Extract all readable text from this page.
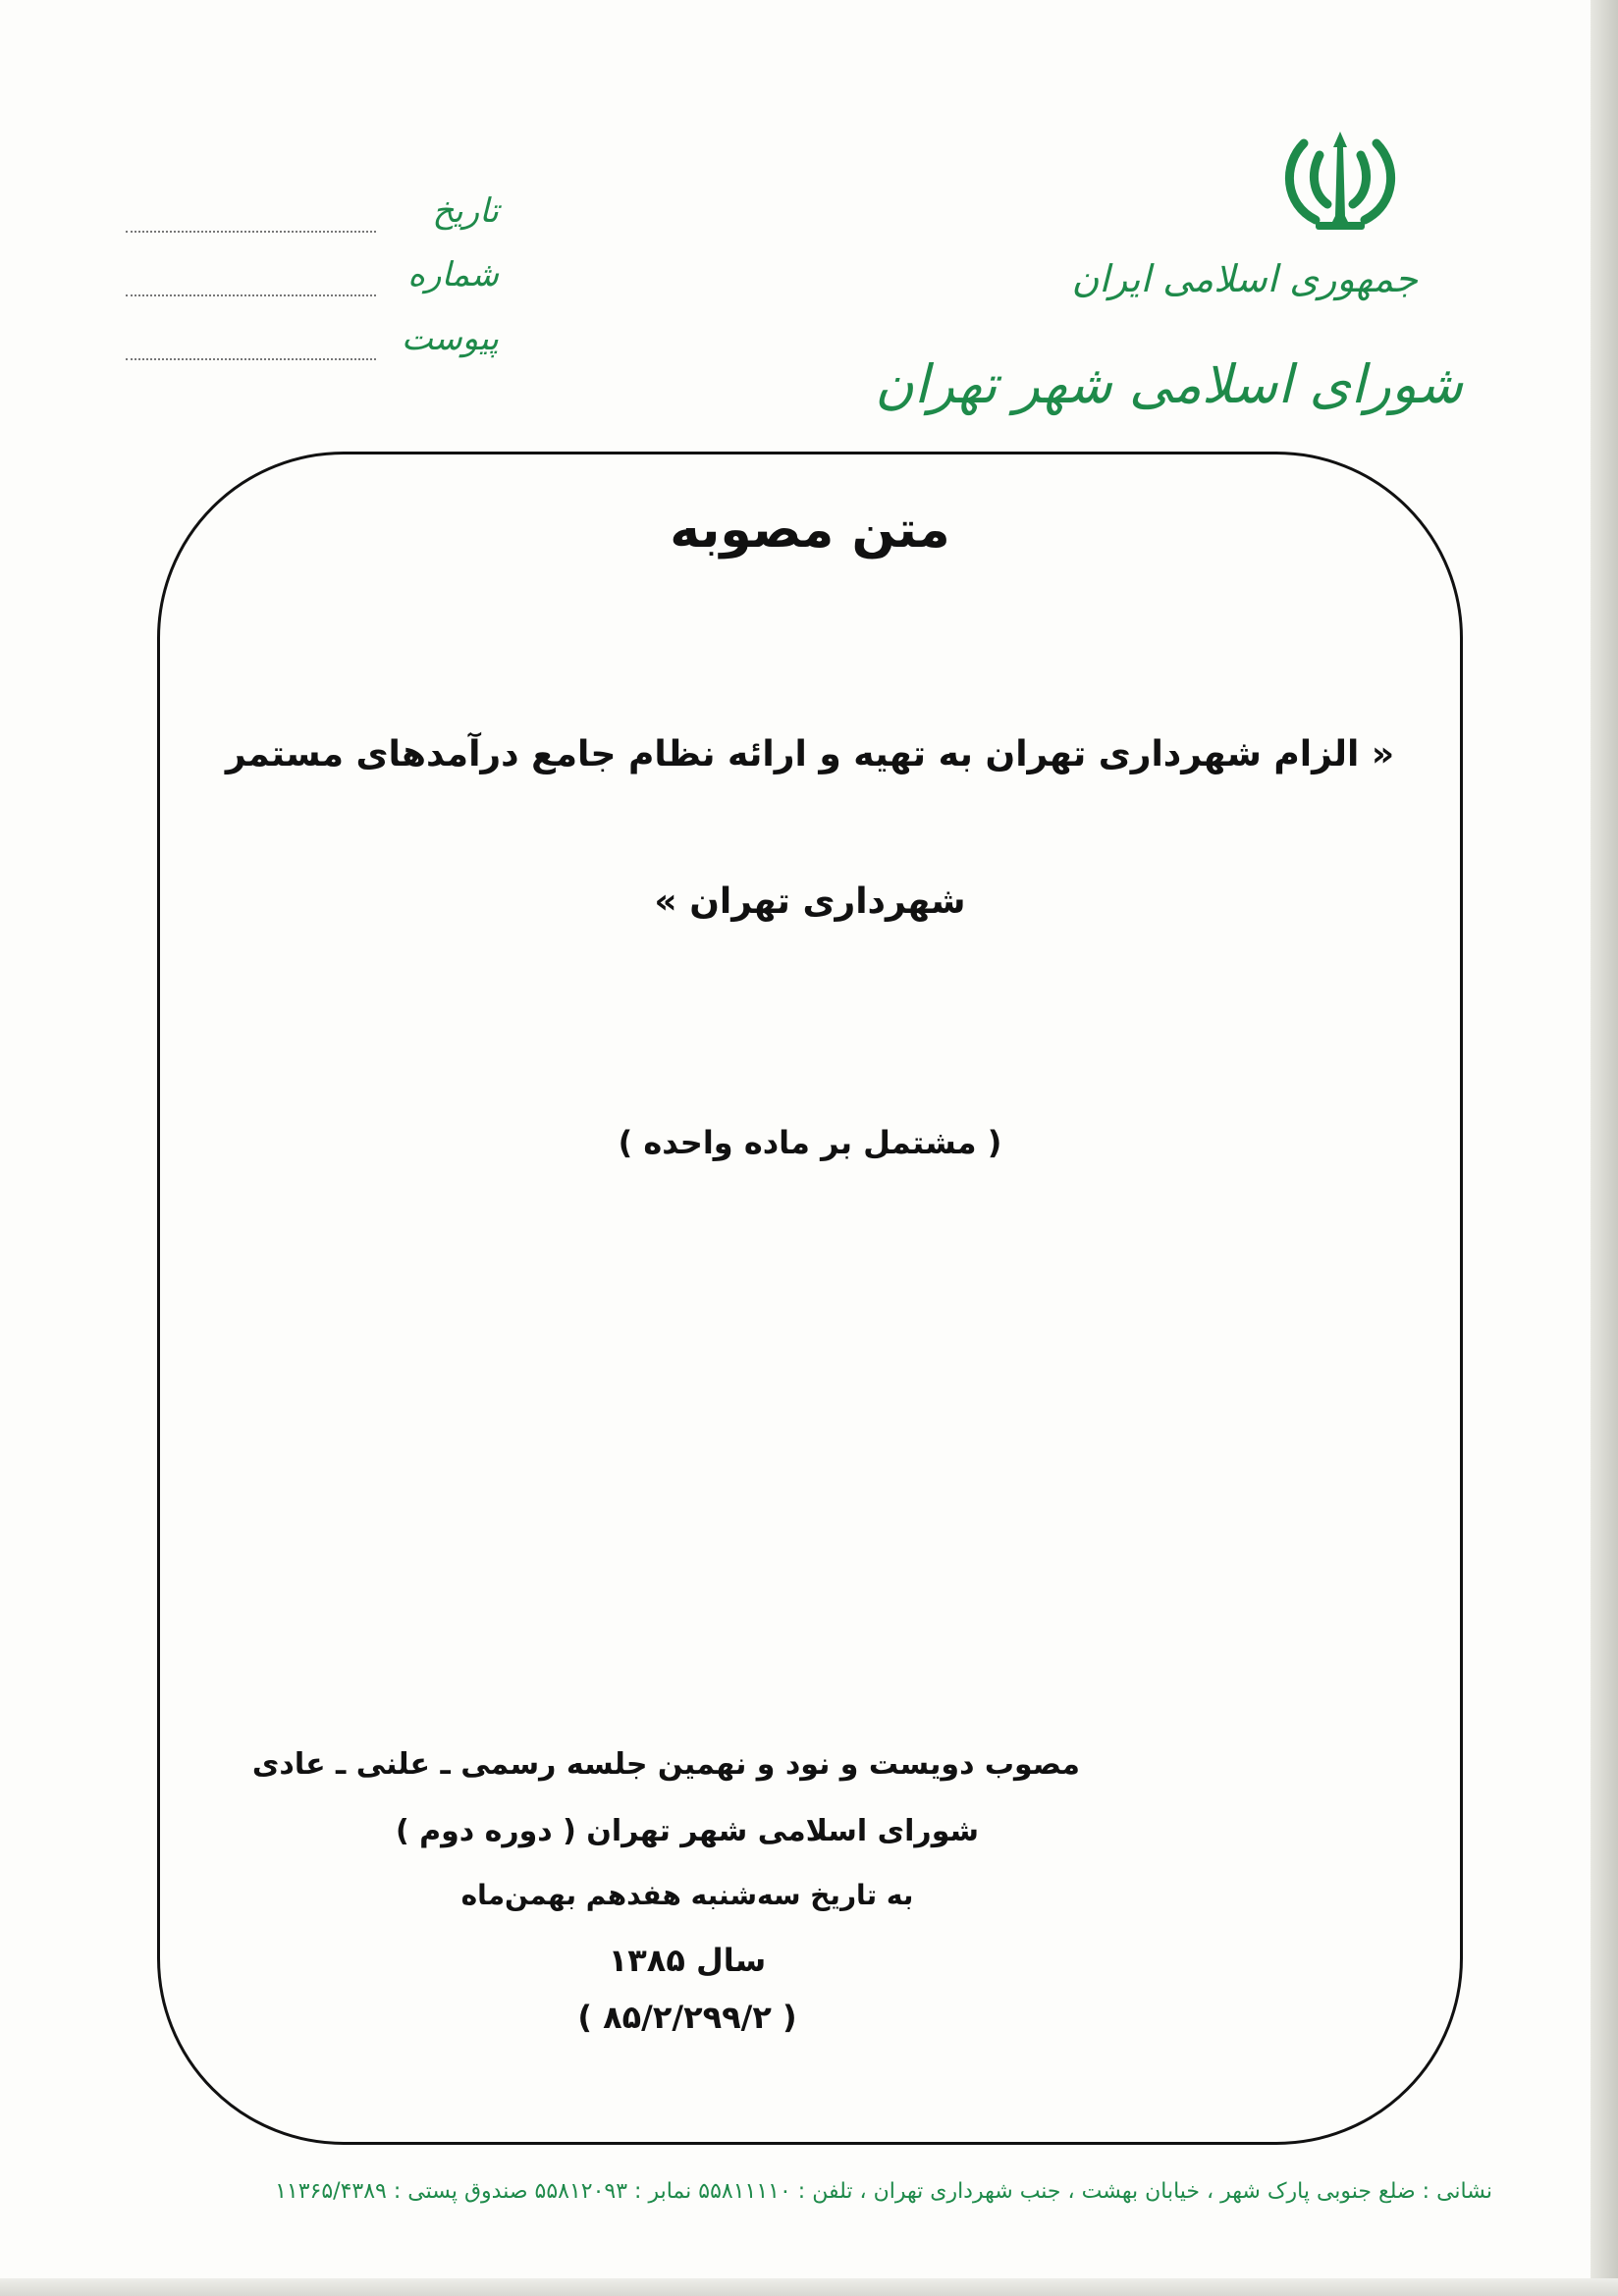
جمهوری اسلامی ایران
شورای اسلامی شهر تهران
تاریخ
شماره
پیوست
متن مصوبه
« الزام شهرداری تهران به تهیه و ارائه نظام جامع درآمدهای مستمر
شهرداری تهران »
( مشتمل بر ماده واحده )
مصوب دویست و نود و نهمین جلسه رسمی ـ علنی ـ عادی
شورای اسلامی شهر تهران ( دوره دوم )
به تاریخ سه‌شنبه هفدهم بهمن‌ماه
سال ۱۳۸۵
( ۸۵/۲/۲۹۹/۲ )
نشانی : ضلع جنوبی پارک شهر ، خیابان بهشت ، جنب شهرداری تهران ، تلفن : ۵۵۸۱۱۱۱۰ نمابر : ۵۵۸۱۲۰۹۳ صندوق پستی : ۱۱۳۶۵/۴۳۸۹
